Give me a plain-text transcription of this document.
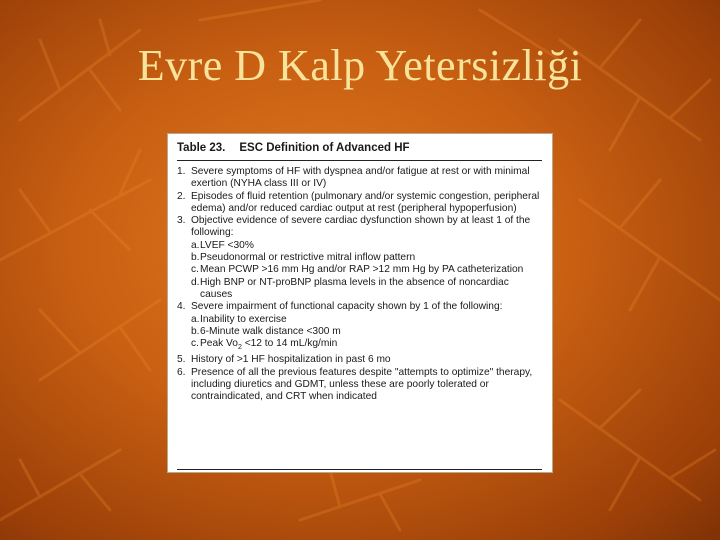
Evre D Kalp Yetersizliği
Table 23. ESC Definition of Advanced HF
1. Severe symptoms of HF with dyspnea and/or fatigue at rest or with minimal exertion (NYHA class III or IV)
2. Episodes of fluid retention (pulmonary and/or systemic congestion, peripheral edema) and/or reduced cardiac output at rest (peripheral hypoperfusion)
3. Objective evidence of severe cardiac dysfunction shown by at least 1 of the following:
a. LVEF <30%
b. Pseudonormal or restrictive mitral inflow pattern
c. Mean PCWP >16 mm Hg and/or RAP >12 mm Hg by PA catheterization
d. High BNP or NT-proBNP plasma levels in the absence of noncardiac causes
4. Severe impairment of functional capacity shown by 1 of the following:
a. Inability to exercise
b. 6-Minute walk distance <300 m
c. Peak $Vo_2 <12$ to 14 mL/kg/min
5. History of >1 HF hospitalization in past 6 mo
6. Presence of all the previous features despite "attempts to optimize" therapy, including diuretics and GDMT, unless these are poorly tolerated or contraindicated, and CRT when indicated
